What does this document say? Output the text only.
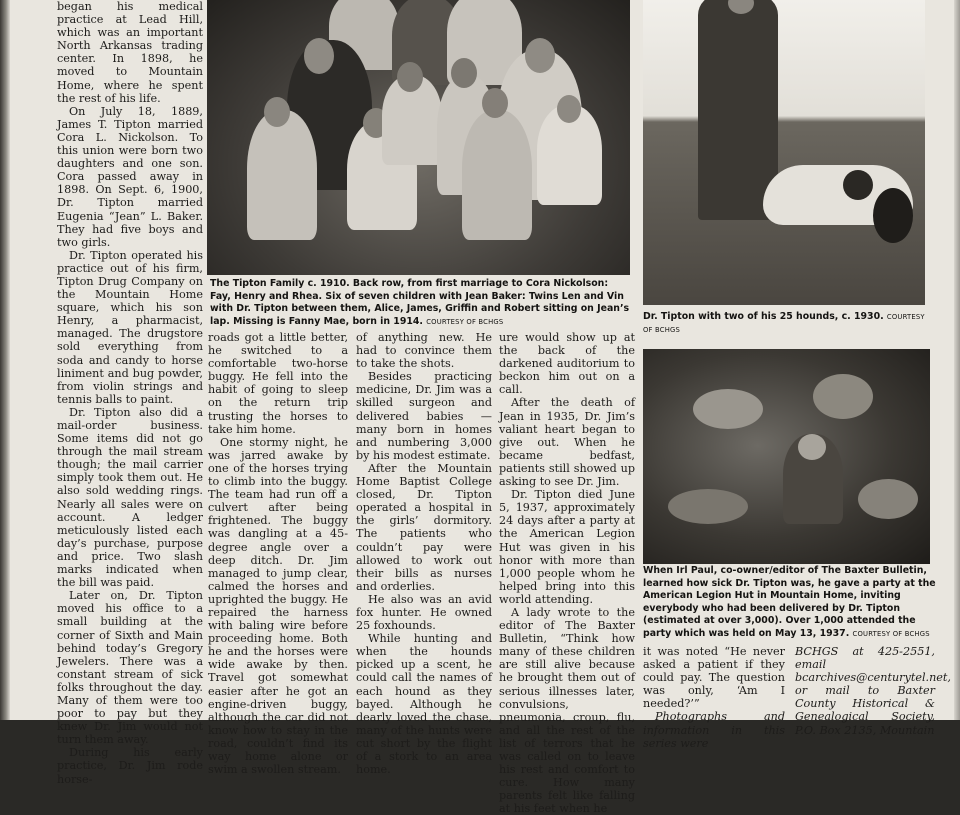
began his medical practice at Lead Hill, which was an important North Arkansas trading center. In 1898, he moved to Mountain Home, where he spent the rest of his life.

On July 18, 1889, James T. Tipton married Cora L. Nickolson. To this union were born two daughters and one son. Cora passed away in 1898. On Sept. 6, 1900, Dr. Tipton married Eugenia “Jean” L. Baker. They had five boys and two girls.

Dr. Tipton operated his practice out of his firm, Tipton Drug Company on the Mountain Home square, which his son Henry, a pharmacist, managed. The drugstore sold everything from soda and candy to horse liniment and bug powder, from violin strings and tennis balls to paint.

Dr. Tipton also did a mail-order business. Some items did not go through the mail stream though; the mail carrier simply took them out. He also sold wedding rings. Nearly all sales were on account. A ledger meticulously listed each day’s purchase, purpose and price. Two slash marks indicated when the bill was paid.

Later on, Dr. Tipton moved his office to a small building at the corner of Sixth and Main behind today’s Gregory Jewelers. There was a constant stream of sick folks throughout the day. Many of them were too poor to pay but they knew Dr. Jim would not turn them away.

During his early practice, Dr. Jim rode horse-

The Tipton Family c. 1910. Back row, from first marriage to Cora Nickolson: Fay, Henry and Rhea. Six of seven children with Jean Baker: Twins Len and Vin with Dr. Tipton between them, Alice, James, Griffin and Robert sitting on Jean’s lap. Missing is Fanny Mae, born in 1914. COURTESY OF BCHGS

roads got a little better, he switched to a comfortable two-horse buggy. He fell into the habit of going to sleep on the return trip trusting the horses to take him home.

One stormy night, he was jarred awake by one of the horses trying to climb into the buggy. The team had run off a culvert after being frightened. The buggy was dangling at a 45-degree angle over a deep ditch. Dr. Jim managed to jump clear, calmed the horses and uprighted the buggy. He repaired the harness with baling wire before proceeding home. Both he and the horses were wide awake by then. Travel got somewhat easier after he got an engine-driven buggy, although the car did not know how to stay in the road, couldn’t find its way home alone or swim a swollen stream.

of anything new. He had to convince them to take the shots.

Besides practicing medicine, Dr. Jim was a skilled surgeon and delivered babies — many born in homes and numbering 3,000 by his modest estimate.

After the Mountain Home Baptist College closed, Dr. Tipton operated a hospital in the girls’ dormitory. The patients who couldn’t pay were allowed to work out their bills as nurses and orderlies.

He also was an avid fox hunter. He owned 25 foxhounds.

While hunting and when the hounds picked up a scent, he could call the names of each hound as they bayed. Although he dearly loved the chase, many of the hunts were cut short by the flight of a stork to an area home.

ure would show up at the back of the darkened auditorium to beckon him out on a call.

After the death of Jean in 1935, Dr. Jim’s valiant heart began to give out. When he became bedfast, patients still showed up asking to see Dr. Jim.

Dr. Tipton died June 5, 1937, approximately 24 days after a party at the American Legion Hut was given in his honor with more than 1,000 people whom he helped bring into this world attending.

A lady wrote to the editor of The Baxter Bulletin, “Think how many of these children are still alive because he brought them out of serious illnesses later, convulsions, pneumonia, croup, flu, and all the rest of the list of terrors that he was called on to leave his rest and comfort to cure. How many parents felt like falling at his feet when he

Dr. Tipton with two of his 25 hounds, c. 1930. COURTESY OF BCHGS
When Irl Paul, co-owner/editor of The Baxter Bulletin, learned how sick Dr. Tipton was, he gave a party at the American Legion Hut in Mountain Home, inviting everybody who had been delivered by Dr. Tipton (estimated at over 3,000). Over 1,000 attended the party which was held on May 13, 1937. COURTESY OF BCHGS

it was noted “He never asked a patient if they could pay. The question was only, ‘Am I needed?’”

Photographs and information in this series were

BCHGS at 425-2551, email bcarchives@centurytel.net, or mail to Baxter County Historical & Genealogical Society, P.O. Box 2135, Mountain
